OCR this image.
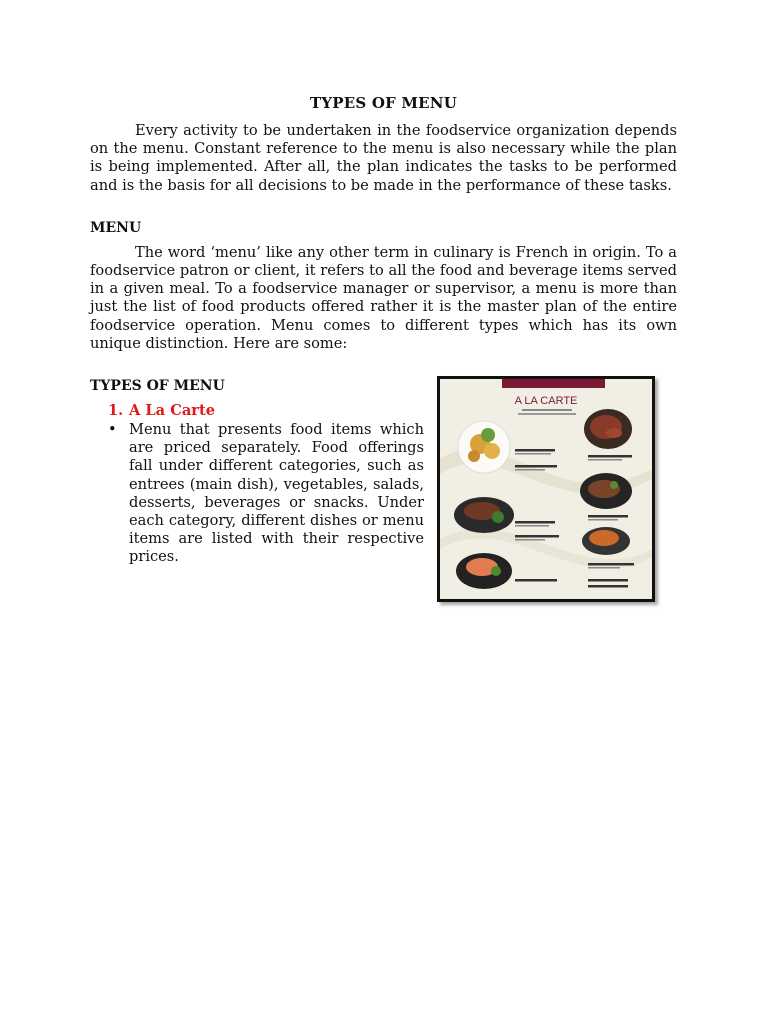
TYPES OF MENU

Every activity to be undertaken in the foodservice organization depends on the menu. Constant reference to the menu is also necessary while the plan is being implemented. After all, the plan indicates the tasks to be performed and is the basis for all decisions to be made in the performance of these tasks.

MENU

The word ‘menu’ like any other term in culinary is French in origin. To a foodservice patron or client, it refers to all the food and beverage items served in a given meal. To a foodservice manager or supervisor, a menu is more than just the list of food products offered rather it is the master plan of the entire foodservice operation. Menu comes to different types which has its own unique distinction. Here are some:

TYPES OF MENU
1. A La Carte
• Menu that presents food items which are priced separately. Food offerings fall under different categories, such as entrees (main dish), vegetables, salads, desserts, beverages or snacks. Under each category, different dishes or menu items are listed with their respective prices.

A LA CARTE
